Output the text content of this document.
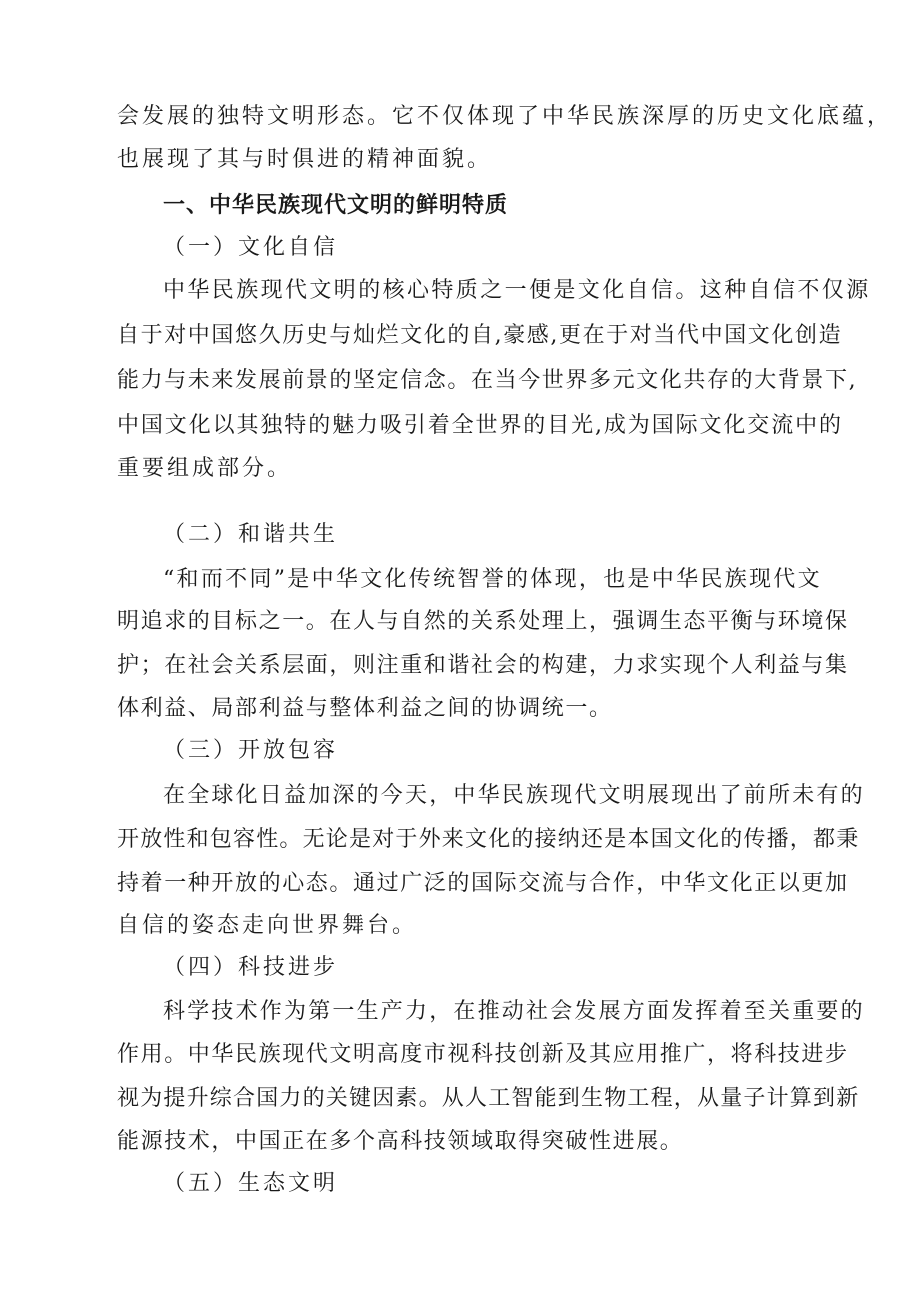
会发展的独特文明形态。它不仅体现了中华民族深厚的历史文化底蕴，
也展现了其与时俱进的精神面貌。
一、中华民族现代文明的鲜明特质
（一）文化自信
中华民族现代文明的核心特质之一便是文化自信。这种自信不仅源
自于对中国悠久历史与灿烂文化的自,豪感,更在于对当代中国文化创造
能力与未来发展前景的坚定信念。在当今世界多元文化共存的大背景下,
中国文化以其独特的魅力吸引着全世界的目光,成为国际文化交流中的
重要组成部分。
（二）和谐共生
“和而不同”是中华文化传统智誉的体现，也是中华民族现代文
明追求的目标之一。在人与自然的关系处理上，强调生态平衡与环境保
护；在社会关系层面，则注重和谐社会的构建，力求实现个人利益与集
体利益、局部利益与整体利益之间的协调统一。
（三）开放包容
在全球化日益加深的今天，中华民族现代文明展现出了前所未有的
开放性和包容性。无论是对于外来文化的接纳还是本国文化的传播，都秉
持着一种开放的心态。通过广泛的国际交流与合作，中华文化正以更加
自信的姿态走向世界舞台。
（四）科技进步
科学技术作为第一生产力，在推动社会发展方面发挥着至关重要的
作用。中华民族现代文明高度市视科技创新及其应用推广，将科技进步
视为提升综合国力的关键因素。从人工智能到生物工程，从量子计算到新
能源技术，中国正在多个高科技领域取得突破性进展。
（五）生态文明
